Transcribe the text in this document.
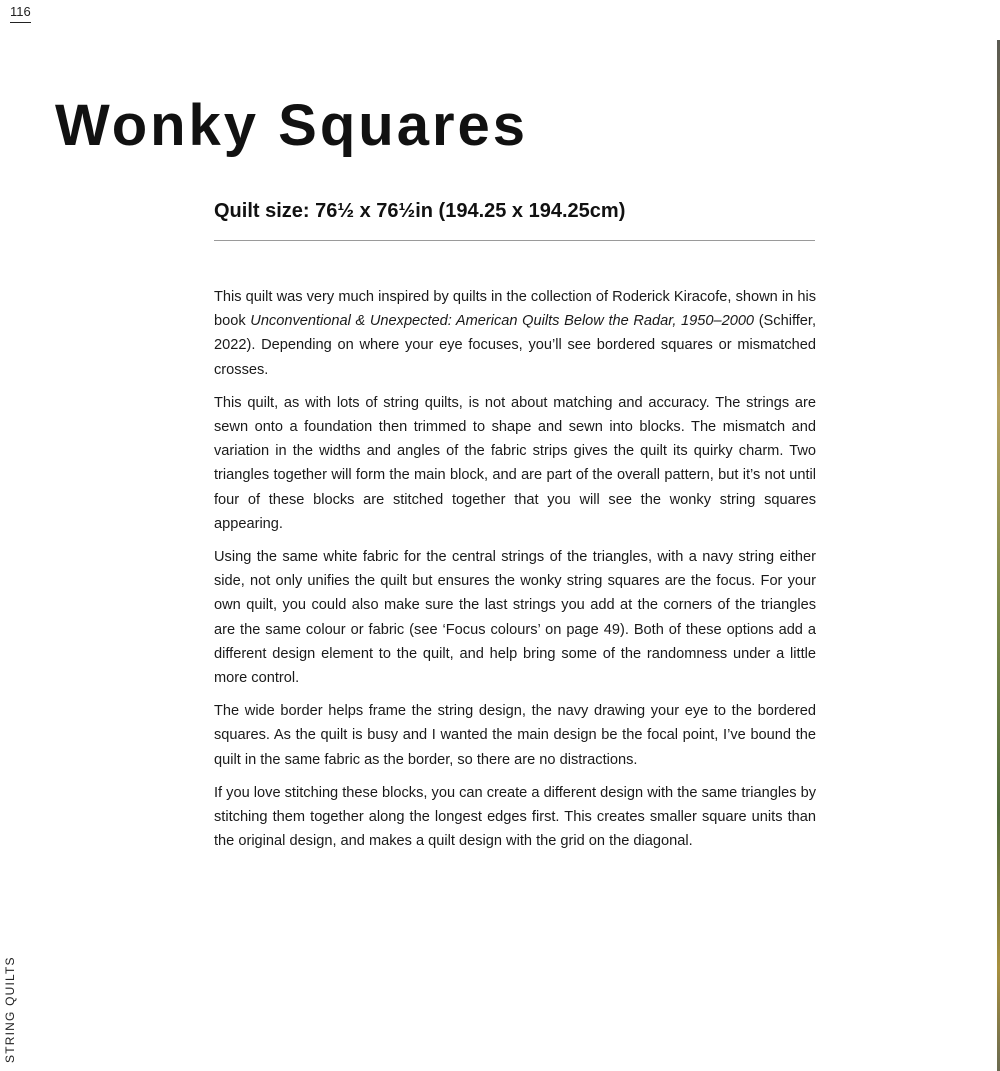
116
Wonky Squares
Quilt size: 76½ x 76½in (194.25 x 194.25cm)

This quilt was very much inspired by quilts in the collection of Roderick Kiracofe, shown in his book Unconventional & Unexpected: American Quilts Below the Radar, 1950–2000 (Schiffer, 2022). Depending on where your eye focuses, you’ll see bordered squares or mismatched crosses.

This quilt, as with lots of string quilts, is not about matching and accuracy. The strings are sewn onto a foundation then trimmed to shape and sewn into blocks. The mismatch and variation in the widths and angles of the fabric strips gives the quilt its quirky charm. Two triangles together will form the main block, and are part of the overall pattern, but it’s not until four of these blocks are stitched together that you will see the wonky string squares appearing.

Using the same white fabric for the central strings of the triangles, with a navy string either side, not only unifies the quilt but ensures the wonky string squares are the focus. For your own quilt, you could also make sure the last strings you add at the corners of the triangles are the same colour or fabric (see ‘Focus colours’ on page 49). Both of these options add a different design element to the quilt, and help bring some of the randomness under a little more control.

The wide border helps frame the string design, the navy drawing your eye to the bordered squares. As the quilt is busy and I wanted the main design be the focal point, I’ve bound the quilt in the same fabric as the border, so there are no distractions.

If you love stitching these blocks, you can create a different design with the same triangles by stitching them together along the longest edges first. This creates smaller square units than the original design, and makes a quilt design with the grid on the diagonal.

STRING QUILTS
